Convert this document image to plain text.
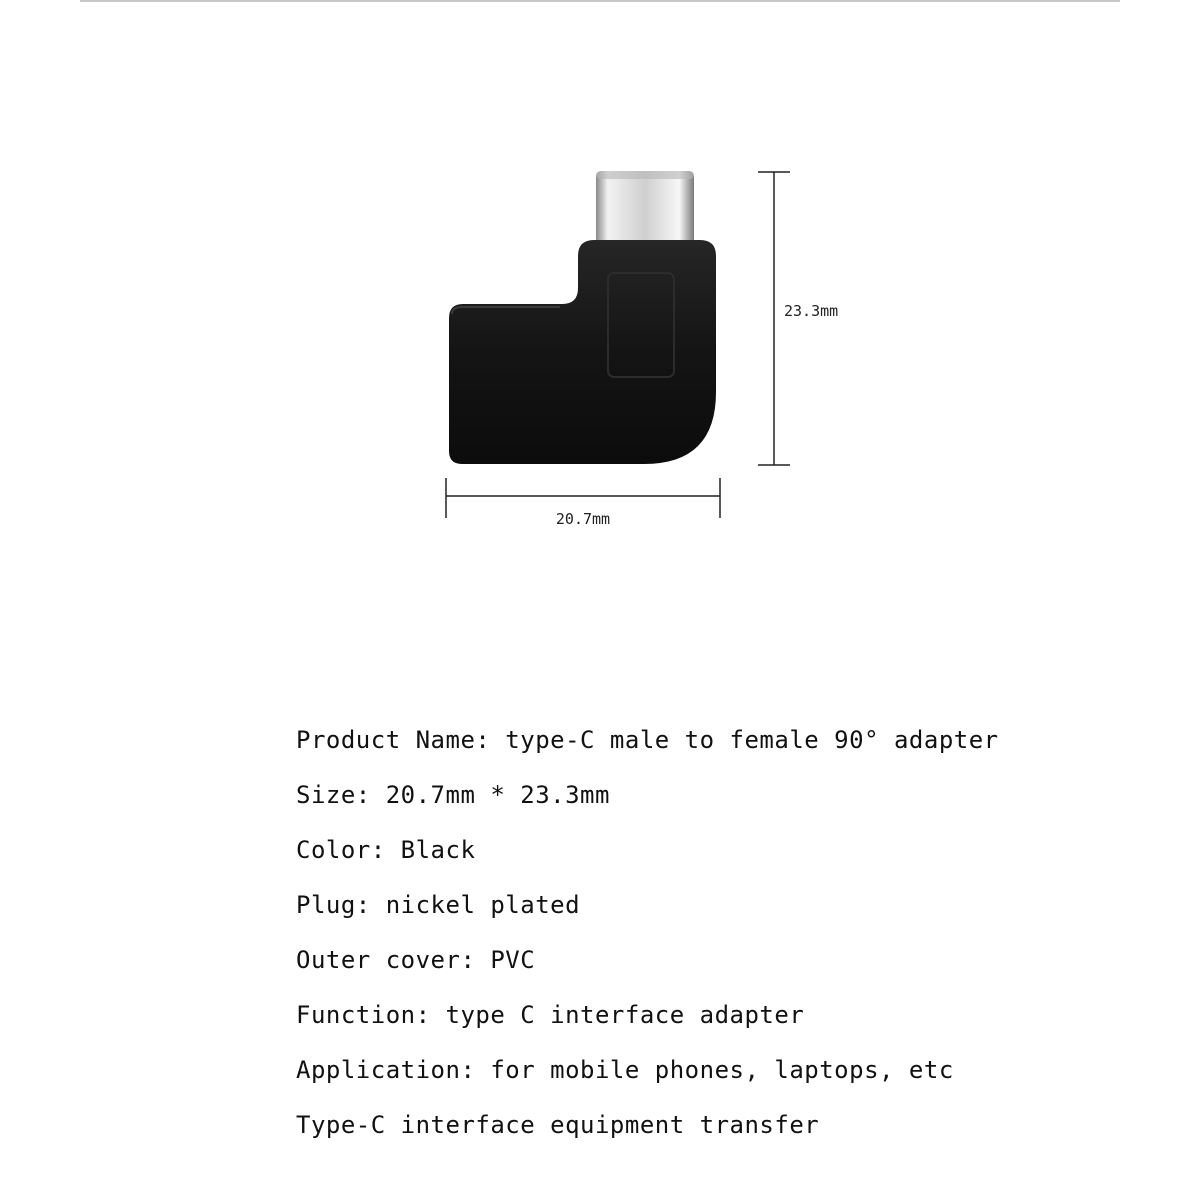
20.7mm
23.3mm
Product Name: type-C male to female 90° adapter
Size: 20.7mm * 23.3mm
Color: Black
Plug: nickel plated
Outer cover: PVC
Function: type C interface adapter
Application: for mobile phones, laptops, etc
Type-C interface equipment transfer
